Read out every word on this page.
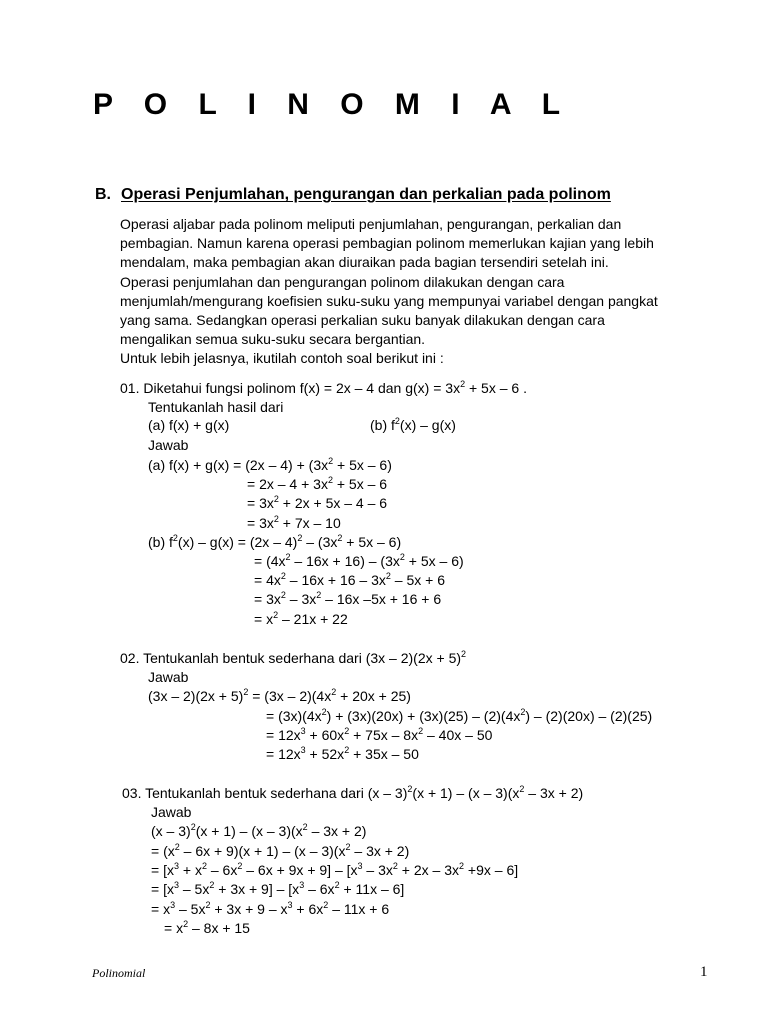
P O L I N O M I A L
B. Operasi Penjumlahan, pengurangan dan perkalian pada polinom
Operasi aljabar pada polinom meliputi penjumlahan, pengurangan, perkalian dan
pembagian. Namun karena operasi pembagian polinom memerlukan kajian yang lebih
mendalam, maka pembagian akan diuraikan pada bagian tersendiri setelah ini.
Operasi penjumlahan dan pengurangan polinom dilakukan dengan cara
menjumlah/mengurang koefisien suku-suku yang mempunyai variabel dengan pangkat
yang sama. Sedangkan operasi perkalian suku banyak dilakukan dengan cara
mengalikan semua suku-suku secara bergantian.
Untuk lebih jelasnya, ikutilah contoh soal berikut ini :
01. Diketahui fungsi polinom f(x) = 2x – 4 dan $g(x) = 3x^2 + 5x - 6$ .
Tentukanlah hasil dari
(a) f(x) + g(x)	(b) $f^2(x) - g(x)$
Jawab
(a) $f(x) + g(x) = (2x - 4) + (3x^2 + 5x - 6)$
= $2x - 4 + 3x^2 + 5x - 6$
= $3x^2 + 2x + 5x - 4 - 6$
= $3x^2 + 7x - 10$
(b) $f^2(x) - g(x) = (2x - 4)^2 - (3x^2 + 5x - 6)$
= $(4x^2 - 16x + 16) - (3x^2 + 5x - 6)$
= $4x^2 - 16x + 16 - 3x^2 - 5x + 6$
= $3x^2 - 3x^2 - 16x$ –5x + 16 + 6
= $x^2 - 21x + 22$
02. Tentukanlah bentuk sederhana dari $(3x - 2)(2x + 5)^2$
Jawab
$(3x - 2)(2x + 5)^2 = (3x - 2)(4x^2 + 20x + 25)$
= $(3x)(4x^2) + (3x)(20x) + (3x)(25) - (2)(4x^2) - (2)(20x) - (2)(25)$
= $12x^3 + 60x^2 + 75x - 8x^2 - 40x - 50$
= $12x^3 + 52x^2 + 35x - 50$
03. Tentukanlah bentuk sederhana dari $(x - 3)^2(x + 1) - (x - 3)(x^2 - 3x + 2)$
Jawab
$(x - 3)^2(x + 1) - (x - 3)(x^2 - 3x + 2)$
= $(x^2 - 6x + 9)(x + 1) - (x - 3)(x^2 - 3x + 2)$
= $[x^3 + x^2 - 6x^2 - 6x + 9x + 9] - [x^3 - 3x^2 + 2x - 3x^2 +9x - 6]$
= $[x^3 - 5x^2 + 3x + 9] - [x^3 - 6x^2 + 11x - 6]$
= $x^3 - 5x^2 + 3x + 9 - x^3 + 6x^2 - 11x + 6$
= $x^2 - 8x + 15$
Polinomial	1
